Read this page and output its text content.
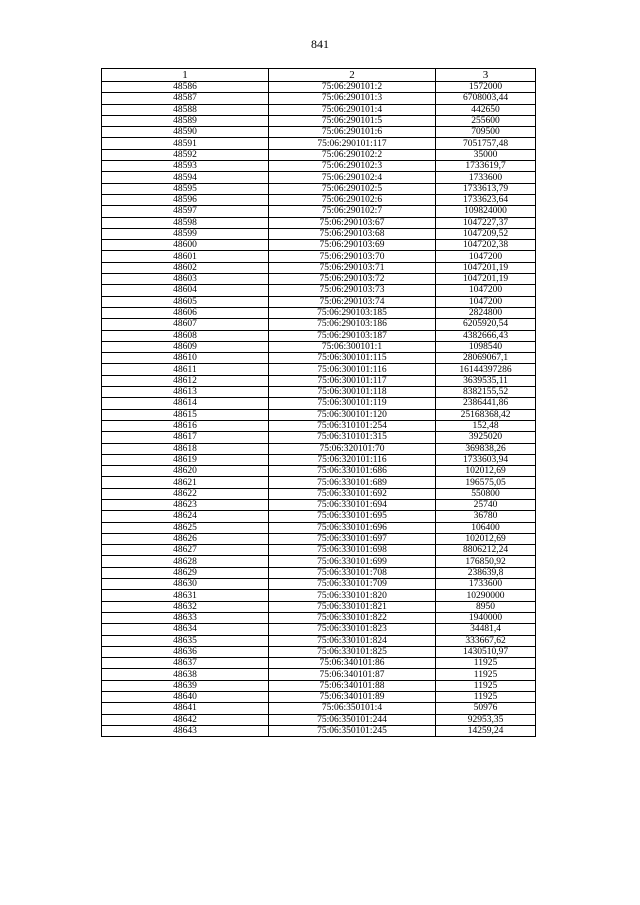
841
1	2	3
48586	75:06:290101:2	1572000
48587	75:06:290101:3	6708003,44
48588	75:06:290101:4	442650
48589	75:06:290101:5	255600
48590	75:06:290101:6	709500
48591	75:06:290101:117	7051757,48
48592	75:06:290102:2	35000
48593	75:06:290102:3	1733619,7
48594	75:06:290102:4	1733600
48595	75:06:290102:5	1733613,79
48596	75:06:290102:6	1733623,64
48597	75:06:290102:7	109824000
48598	75:06:290103:67	1047227,37
48599	75:06:290103:68	1047209,52
48600	75:06:290103:69	1047202,38
48601	75:06:290103:70	1047200
48602	75:06:290103:71	1047201,19
48603	75:06:290103:72	1047201,19
48604	75:06:290103:73	1047200
48605	75:06:290103:74	1047200
48606	75:06:290103:185	2824800
48607	75:06:290103:186	6205920,54
48608	75:06:290103:187	4382666,43
48609	75:06:300101:1	1098540
48610	75:06:300101:115	28069067,1
48611	75:06:300101:116	16144397286
48612	75:06:300101:117	3639535,11
48613	75:06:300101:118	8382155,52
48614	75:06:300101:119	2386441,86
48615	75:06:300101:120	25168368,42
48616	75:06:310101:254	152,48
48617	75:06:310101:315	3925020
48618	75:06:320101:70	369838,26
48619	75:06:320101:116	1733603,94
48620	75:06:330101:686	102012,69
48621	75:06:330101:689	196575,05
48622	75:06:330101:692	550800
48623	75:06:330101:694	25740
48624	75:06:330101:695	36780
48625	75:06:330101:696	106400
48626	75:06:330101:697	102012,69
48627	75:06:330101:698	8806212,24
48628	75:06:330101:699	176850,92
48629	75:06:330101:708	238639,8
48630	75:06:330101:709	1733600
48631	75:06:330101:820	10290000
48632	75:06:330101:821	8950
48633	75:06:330101:822	1940000
48634	75:06:330101:823	34481,4
48635	75:06:330101:824	333667,62
48636	75:06:330101:825	1430510,97
48637	75:06:340101:86	11925
48638	75:06:340101:87	11925
48639	75:06:340101:88	11925
48640	75:06:340101:89	11925
48641	75:06:350101:4	50976
48642	75:06:350101:244	92953,35
48643	75:06:350101:245	14259,24
